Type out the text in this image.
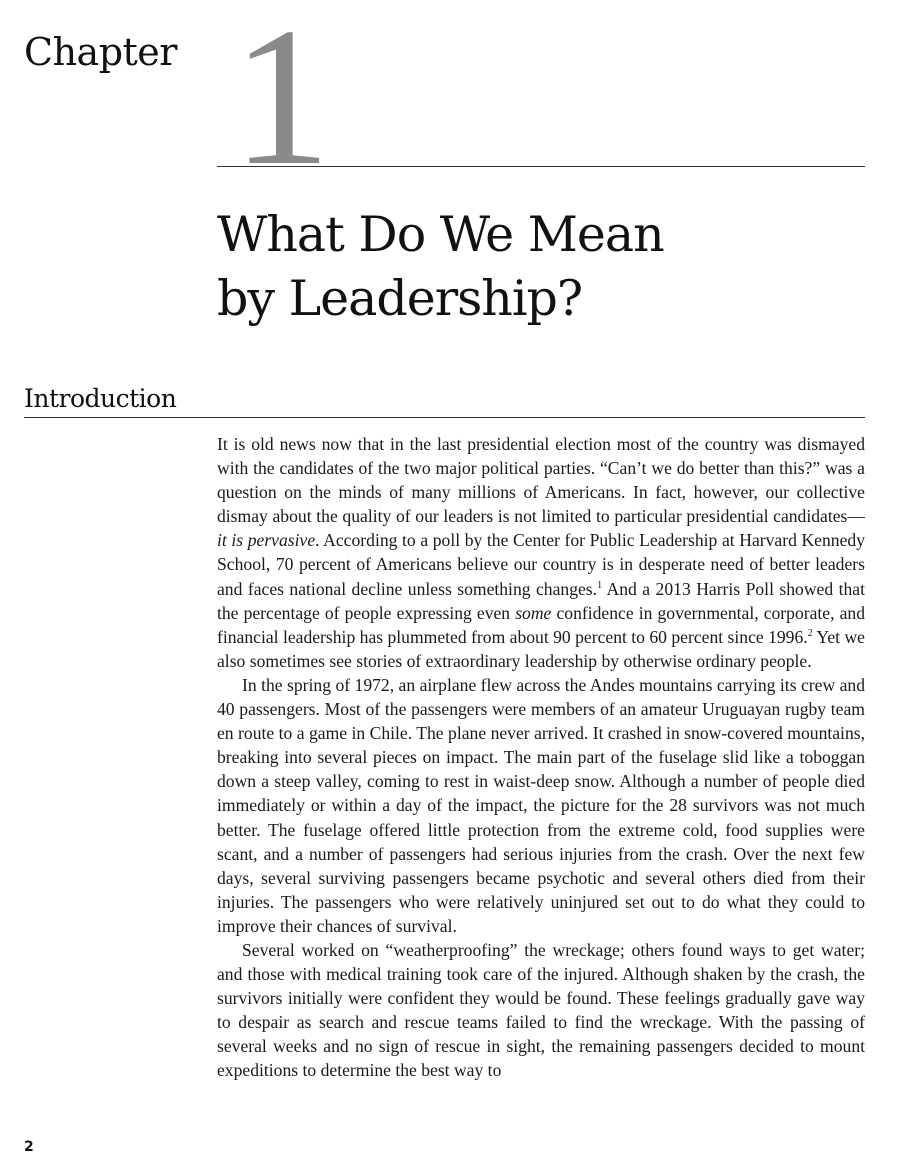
Chapter 1
What Do We Mean
by Leadership?
Introduction

It is old news now that in the last presidential election most of the country was dismayed with the candidates of the two major political parties. “Can’t we do better than this?” was a question on the minds of many millions of Americans. In fact, however, our collective dismay about the quality of our leaders is not limited to particular presidential candidates—it is pervasive. According to a poll by the Center for Public Leadership at Harvard Kennedy School, 70 percent of Americans believe our country is in desperate need of better leaders and faces national decline unless something changes.$^1$ And a 2013 Harris Poll showed that the percentage of people expressing even some confidence in governmental, corporate, and financial leadership has plummeted from about 90 percent to 60 percent since 1996.$^2$ Yet we also sometimes see stories of extraordinary leadership by otherwise ordinary people.

In the spring of 1972, an airplane flew across the Andes mountains carrying its crew and 40 passengers. Most of the passengers were members of an amateur Uruguayan rugby team en route to a game in Chile. The plane never arrived. It crashed in snow-covered mountains, breaking into several pieces on impact. The main part of the fuselage slid like a toboggan down a steep valley, coming to rest in waist-deep snow. Although a number of people died immediately or within a day of the impact, the picture for the 28 survivors was not much better. The fuselage offered little protection from the extreme cold, food supplies were scant, and a number of passengers had serious injuries from the crash. Over the next few days, several surviving passengers became psychotic and several others died from their injuries. The passengers who were relatively uninjured set out to do what they could to improve their chances of survival.

Several worked on “weatherproofing” the wreckage; others found ways to get water; and those with medical training took care of the injured. Although shaken by the crash, the survivors initially were confident they would be found. These feelings gradually gave way to despair as search and rescue teams failed to find the wreckage. With the passing of several weeks and no sign of rescue in sight, the remaining passengers decided to mount expeditions to determine the best way to

2
